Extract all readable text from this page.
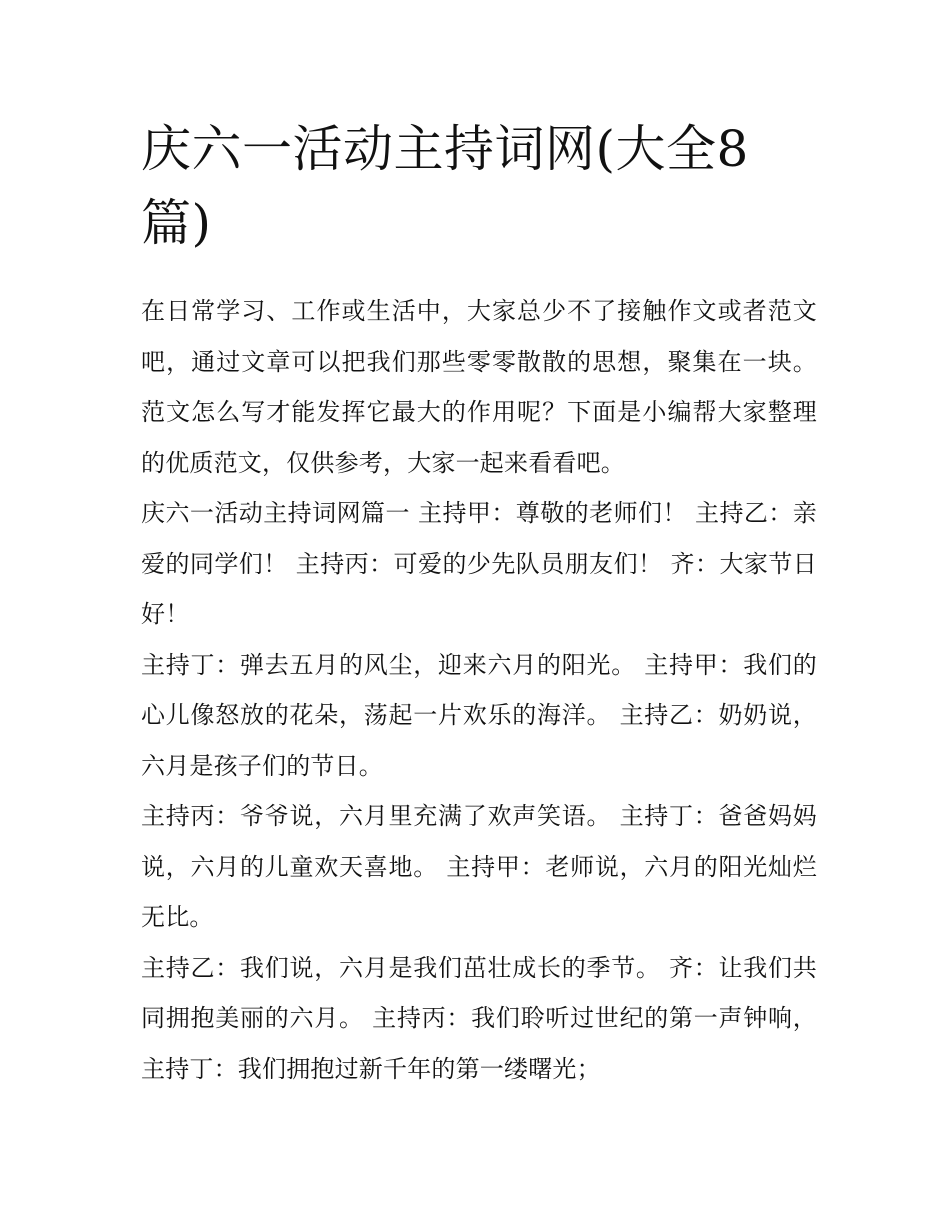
庆六一活动主持词网(大全8篇)

在日常学习、工作或生活中，大家总少不了接触作文或者范文吧，通过文章可以把我们那些零零散散的思想，聚集在一块。范文怎么写才能发挥它最大的作用呢？下面是小编帮大家整理的优质范文，仅供参考，大家一起来看看吧。

庆六一活动主持词网篇一 主持甲：尊敬的老师们！ 主持乙：亲爱的同学们！ 主持丙：可爱的少先队员朋友们！ 齐：大家节日好！

主持丁：弹去五月的风尘，迎来六月的阳光。 主持甲：我们的心儿像怒放的花朵，荡起一片欢乐的海洋。 主持乙：奶奶说，六月是孩子们的节日。

主持丙：爷爷说，六月里充满了欢声笑语。 主持丁：爸爸妈妈说，六月的儿童欢天喜地。 主持甲：老师说，六月的阳光灿烂无比。

主持乙：我们说，六月是我们茁壮成长的季节。 齐：让我们共同拥抱美丽的六月。 主持丙：我们聆听过世纪的第一声钟响， 主持丁：我们拥抱过新千年的第一缕曙光；
